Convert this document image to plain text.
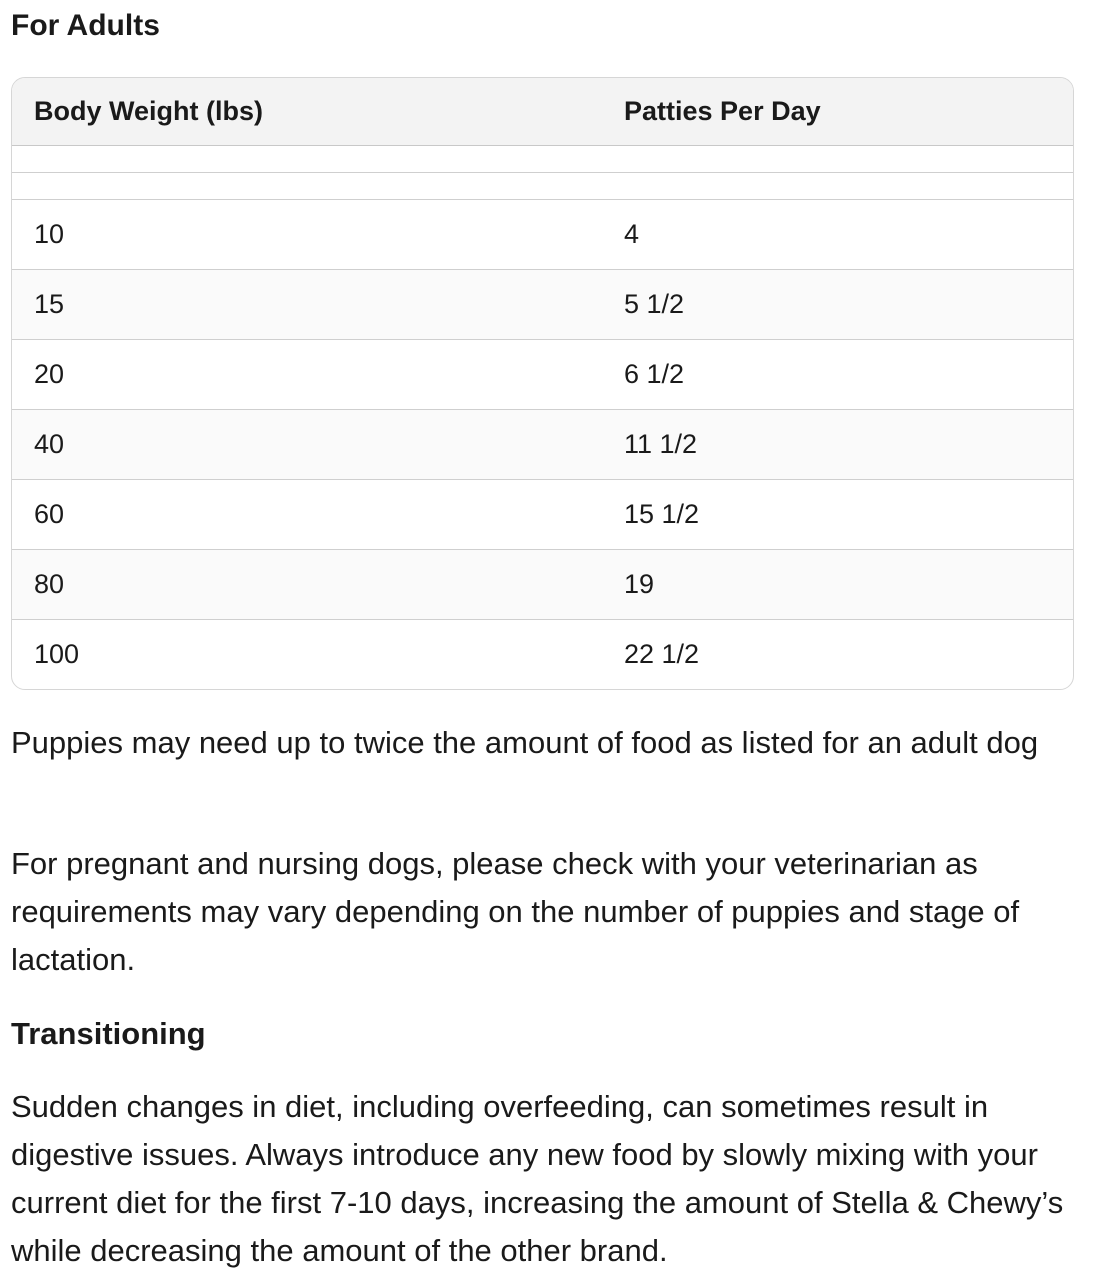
For Adults
Body Weight (lbs)	Patties Per Day

10	4
15	5 1/2
20	6 1/2
40	11 1/2
60	15 1/2
80	19
100	22 1/2

Puppies may need up to twice the amount of food as listed for an adult dog

For pregnant and nursing dogs, please check with your veterinarian as requirements may vary depending on the number of puppies and stage of lactation.

Transitioning

Sudden changes in diet, including overfeeding, can sometimes result in digestive issues. Always introduce any new food by slowly mixing with your current diet for the first 7-10 days, increasing the amount of Stella & Chewy’s while decreasing the amount of the other brand.
